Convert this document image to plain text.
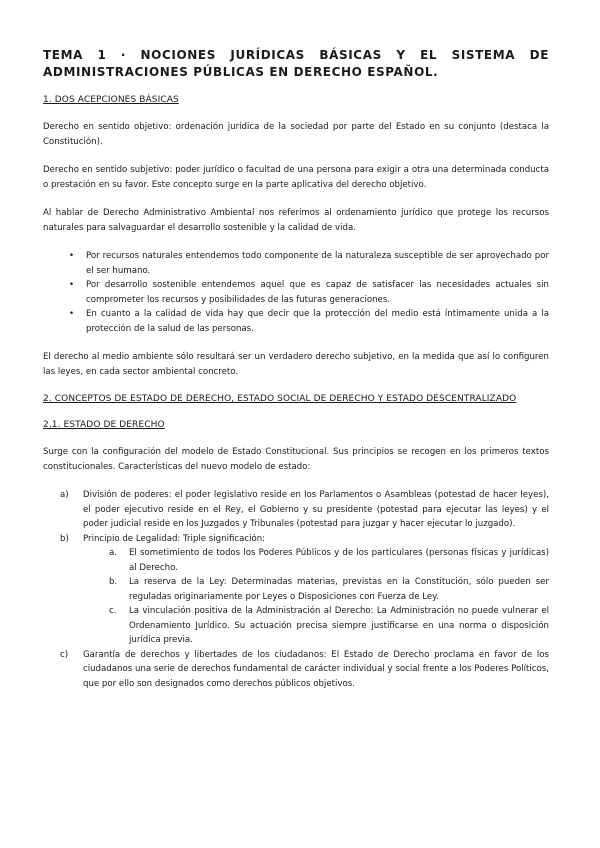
TEMA 1 · NOCIONES JURÍDICAS BÁSICAS Y EL SISTEMA DE ADMINISTRACIONES PÚBLICAS EN DERECHO ESPAÑOL.
1. DOS ACEPCIONES BÁSICAS

Derecho en sentido objetivo: ordenación jurídica de la sociedad por parte del Estado en su conjunto (destaca la Constitución).

Derecho en sentido subjetivo: poder jurídico o facultad de una persona para exigir a otra una determinada conducta o prestación en su favor. Este concepto surge en la parte aplicativa del derecho objetivo.

Al hablar de Derecho Administrativo Ambiental nos referimos al ordenamiento jurídico que protege los recursos naturales para salvaguardar el desarrollo sostenible y la calidad de vida.

• Por recursos naturales entendemos todo componente de la naturaleza susceptible de ser aprovechado por el ser humano.
• Por desarrollo sostenible entendemos aquel que es capaz de satisfacer las necesidades actuales sin comprometer los recursos y posibilidades de las futuras generaciones.
• En cuanto a la calidad de vida hay que decir que la protección del medio está íntimamente unida a la protección de la salud de las personas.

El derecho al medio ambiente sólo resultará ser un verdadero derecho subjetivo, en la medida que así lo configuren las leyes, en cada sector ambiental concreto.

2. CONCEPTOS DE ESTADO DE DERECHO, ESTADO SOCIAL DE DERECHO Y ESTADO DESCENTRALIZADO
2.1. ESTADO DE DERECHO

Surge con la configuración del modelo de Estado Constitucional. Sus principios se recogen en los primeros textos constitucionales. Características del nuevo modelo de estado:

a) División de poderes: el poder legislativo reside en los Parlamentos o Asambleas (potestad de hacer leyes), el poder ejecutivo reside en el Rey, el Gobierno y su presidente (potestad para ejecutar las leyes) y el poder judicial reside en los Juzgados y Tribunales (potestad para juzgar y hacer ejecutar lo juzgado).
b) Principio de Legalidad: Triple significación:
a. El sometimiento de todos los Poderes Públicos y de los particulares (personas físicas y jurídicas) al Derecho.
b. La reserva de la Ley: Determinadas materias, previstas en la Constitución, sólo pueden ser reguladas originariamente por Leyes o Disposiciones con Fuerza de Ley.
c. La vinculación positiva de la Administración al Derecho: La Administración no puede vulnerar el Ordenamiento Jurídico. Su actuación precisa siempre justificarse en una norma o disposición jurídica previa.
c) Garantía de derechos y libertades de los ciudadanos: El Estado de Derecho proclama en favor de los ciudadanos una serie de derechos fundamental de carácter individual y social frente a los Poderes Políticos, que por ello son designados como derechos públicos objetivos.
